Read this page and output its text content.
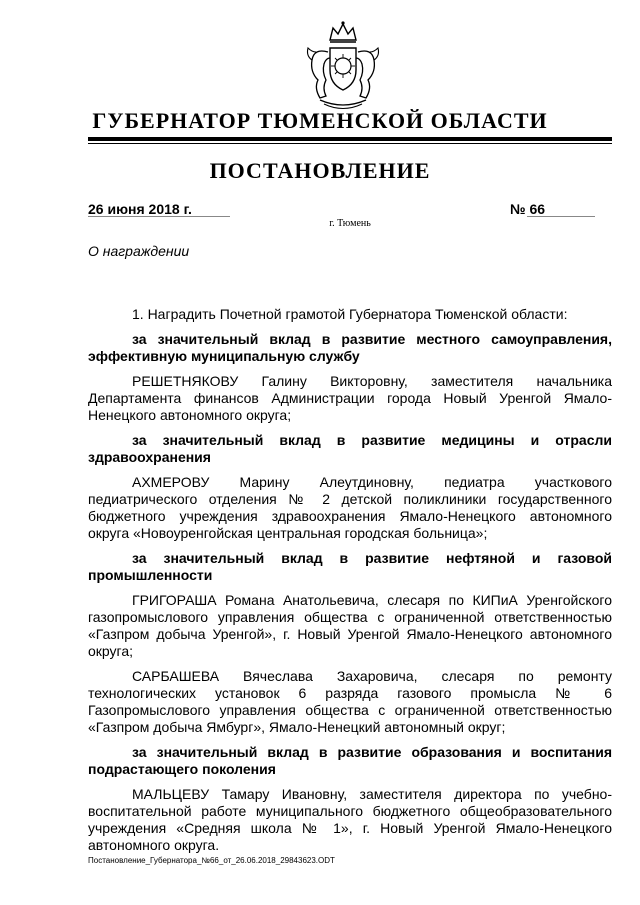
ГУБЕРНАТОР ТЮМЕНСКОЙ ОБЛАСТИ
ПОСТАНОВЛЕНИЕ
26 июня 2018 г.	№ 66
г. Тюмень
О награждении

1. Наградить Почетной грамотой Губернатора Тюменской области:

за значительный вклад в развитие местного самоуправления, эффективную муниципальную службу

РЕШЕТНЯКОВУ Галину Викторовну, заместителя начальника Департамента финансов Администрации города Новый Уренгой Ямало-Ненецкого автономного округа;

за значительный вклад в развитие медицины и отрасли здравоохранения

АХМЕРОВУ Марину Алеутдиновну, педиатра участкового педиатрического отделения № 2 детской поликлиники государственного бюджетного учреждения здравоохранения Ямало-Ненецкого автономного округа «Новоуренгойская центральная городская больница»;

за значительный вклад в развитие нефтяной и газовой промышленности

ГРИГОРАША Романа Анатольевича, слесаря по КИПиА Уренгойского газопромыслового управления общества с ограниченной ответственностью «Газпром добыча Уренгой», г. Новый Уренгой Ямало-Ненецкого автономного округа;

САРБАШЕВА Вячеслава Захаровича, слесаря по ремонту технологических установок 6 разряда газового промысла № 6 Газопромыслового управления общества с ограниченной ответственностью «Газпром добыча Ямбург», Ямало-Ненецкий автономный округ;

за значительный вклад в развитие образования и воспитания подрастающего поколения

МАЛЬЦЕВУ Тамару Ивановну, заместителя директора по учебно-воспитательной работе муниципального бюджетного общеобразовательного учреждения «Средняя школа № 1», г. Новый Уренгой Ямало-Ненецкого автономного округа.

Постановление_Губернатора_№66_от_26.06.2018_29843623.ODT
